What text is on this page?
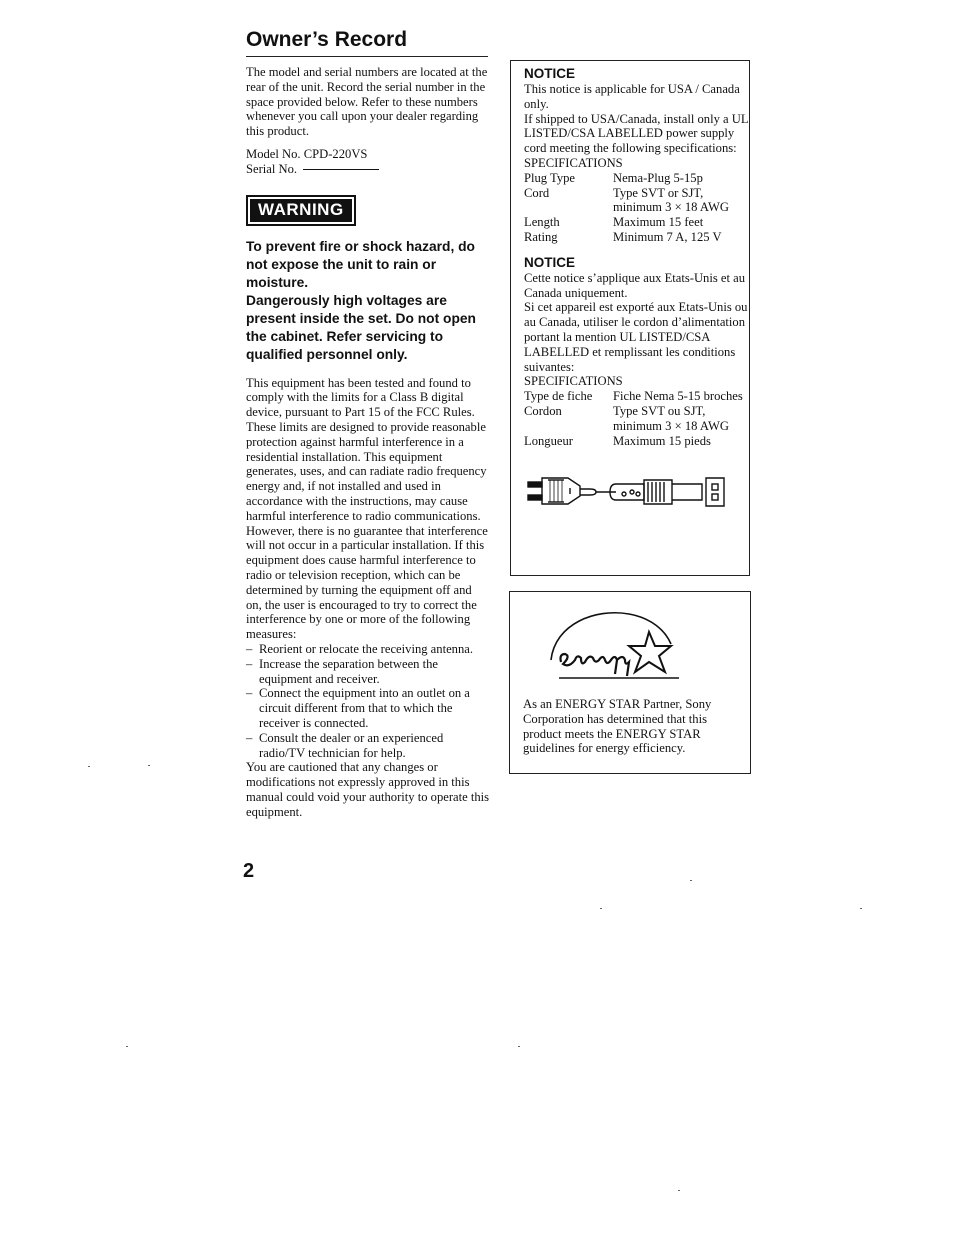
Owner’s Record

The model and serial numbers are located at the rear of the unit. Record the serial number in the space provided below. Refer to these numbers whenever you call upon your dealer regarding this product.

Model No. CPD-220VS
Serial No.
WARNING

To prevent fire or shock hazard, do not expose the unit to rain or moisture.

Dangerously high voltages are present inside the set. Do not open the cabinet. Refer servicing to qualified personnel only.

This equipment has been tested and found to comply with the limits for a Class B digital device, pursuant to Part 15 of the FCC Rules. These limits are designed to provide reasonable protection against harmful interference in a residential installation. This equipment generates, uses, and can radiate radio frequency energy and, if not installed and used in accordance with the instructions, may cause harmful interference to radio communications. However, there is no guarantee that interference will not occur in a particular installation. If this equipment does cause harmful interference to radio or television reception, which can be determined by turning the equipment off and on, the user is encouraged to try to correct the interference by one or more of the following measures:

– Reorient or relocate the receiving antenna.
– Increase the separation between the equipment and receiver.
– Connect the equipment into an outlet on a circuit different from that to which the receiver is connected.
– Consult the dealer or an experienced radio/TV technician for help.

You are cautioned that any changes or modifications not expressly approved in this manual could void your authority to operate this equipment.

2

NOTICE

This notice is applicable for USA / Canada only.
If shipped to USA/Canada, install only a UL LISTED/CSA LABELLED power supply cord meeting the following specifications:
SPECIFICATIONS
Plug Type	Nema-Plug 5-15p
Cord	Type SVT or SJT, minimum 3 × 18 AWG
Length	Maximum 15 feet
Rating	Minimum 7 A, 125 V

NOTICE

Cette notice s’applique aux Etats-Unis et au Canada uniquement.
Si cet appareil est exporté aux Etats-Unis ou au Canada, utiliser le cordon d’alimentation portant la mention UL LISTED/CSA LABELLED et remplissant les conditions suivantes:
SPECIFICATIONS
Type de fiche	Fiche Nema 5-15 broches
Cordon	Type SVT ou SJT, minimum 3 × 18 AWG
Longueur	Maximum 15 pieds
As an ENERGY STAR Partner, Sony Corporation has determined that this product meets the ENERGY STAR guidelines for energy efficiency.
